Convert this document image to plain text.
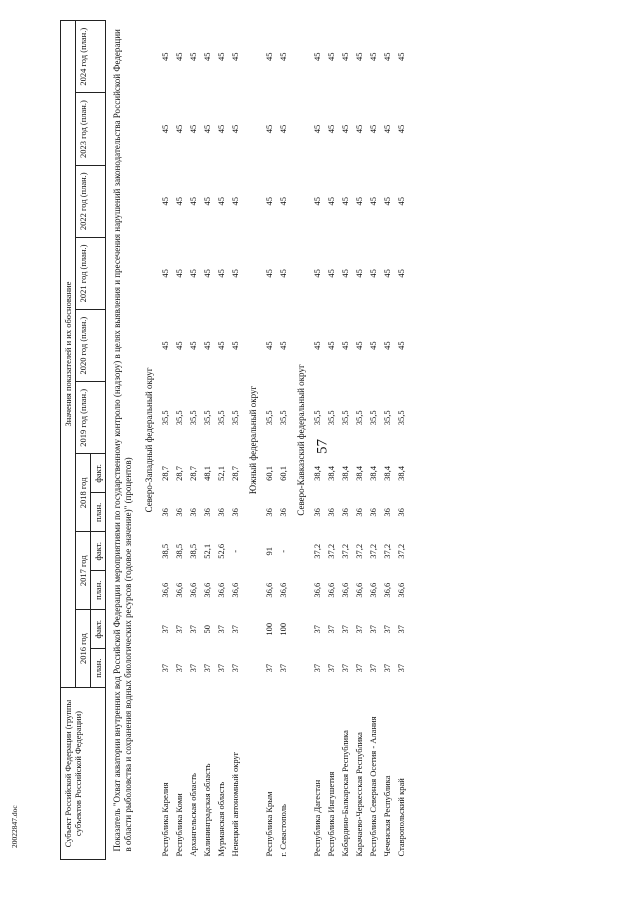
57
Субъект Российской Федерации (группы субъектов Российской Федерации)	Значения показателей и их обоснование											
	2016 год		2017 год		2018 год		2019 год (план.)	2020 год (план.)	2021 год (план.)	2022 год (план.)	2023 год (план.)	2024 год (план.)
	план.	факт.	план.	факт.	план.	факт.						
Показатель "Охват акватории внутренних вод Российской Федерации мероприятиями по государственному контролю (надзору) в целях выявления и пресечения нарушений законодательства Российской Федерации в области рыболовства и сохранения водных биологических ресурсов (годовое значение)" (процентов)												
Северо-Западный федеральный округ												
Республика Карелия	37	37	36,6	38,5	36	28,7	35,5	45	45	45	45	45
Республика Коми	37	37	36,6	38,5	36	28,7	35,5	45	45	45	45	45
Архангельская область	37	37	36,6	38,5	36	28,7	35,5	45	45	45	45	45
Калининградская область	37	50	36,6	52,1	36	48,1	35,5	45	45	45	45	45
Мурманская область	37	37	36,6	52,6	36	52,1	35,5	45	45	45	45	45
Ненецкий автономный округ	37	37	36,6	-	36	28,7	35,5	45	45	45	45	45
Южный федеральный округ												
Республика Крым	37	100	36,6	91	36	60,1	35,5	45	45	45	45	45
г. Севастополь	37	100	36,6	-	36	60,1	35,5	45	45	45	45	45
Северо-Кавказский федеральный округ												
Республика Дагестан	37	37	36,6	37,2	36	38,4	35,5	45	45	45	45	45
Республика Ингушетия	37	37	36,6	37,2	36	38,4	35,5	45	45	45	45	45
Кабардино-Балкарская Республика	37	37	36,6	37,2	36	38,4	35,5	45	45	45	45	45
Карачаево-Черкесская Республика	37	37	36,6	37,2	36	38,4	35,5	45	45	45	45	45
Республика Северная Осетия - Алания	37	37	36,6	37,2	36	38,4	35,5	45	45	45	45	45
Чеченская Республика	37	37	36,6	37,2	36	38,4	35,5	45	45	45	45	45
Ставропольский край	37	37	36,6	37,2	36	38,4	35,5	45	45	45	45	45
20022847.doc
